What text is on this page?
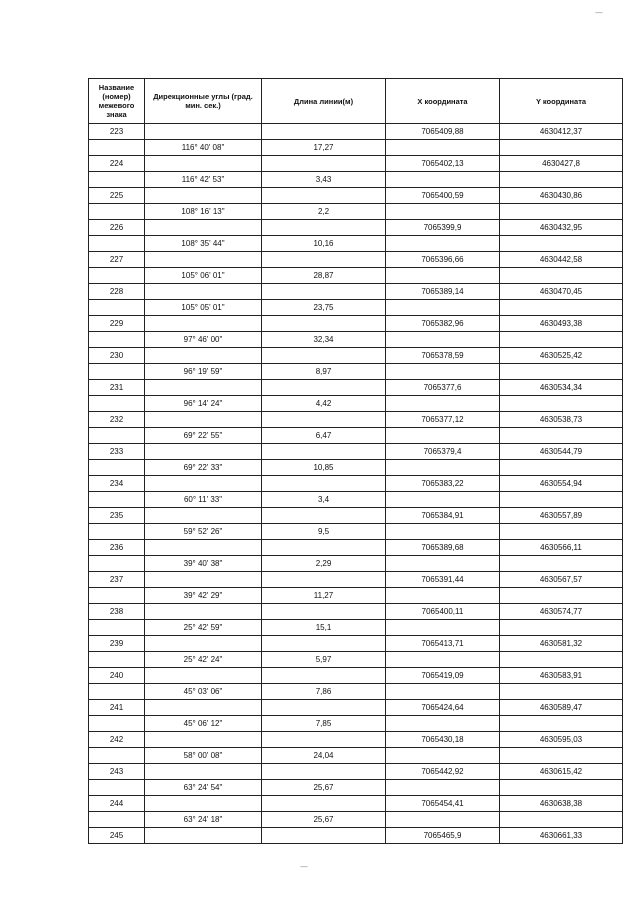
—
—
Название (номер) межевого знака	Дирекционные углы (град. мин. сек.)	Длина линии(м)	X координата	Y координата
223			7065409,88	4630412,37
	116° 40' 08"	17,27		
224			7065402,13	4630427,8
	116° 42' 53"	3,43		
225			7065400,59	4630430,86
	108° 16' 13"	2,2		
226			7065399,9	4630432,95
	108° 35' 44"	10,16		
227			7065396,66	4630442,58
	105° 06' 01"	28,87		
228			7065389,14	4630470,45
	105° 05' 01"	23,75		
229			7065382,96	4630493,38
	97° 46' 00"	32,34		
230			7065378,59	4630525,42
	96° 19' 59"	8,97		
231			7065377,6	4630534,34
	96° 14' 24"	4,42		
232			7065377,12	4630538,73
	69° 22' 55"	6,47		
233			7065379,4	4630544,79
	69° 22' 33"	10,85		
234			7065383,22	4630554,94
	60° 11' 33"	3,4		
235			7065384,91	4630557,89
	59° 52' 26"	9,5		
236			7065389,68	4630566,11
	39° 40' 38"	2,29		
237			7065391,44	4630567,57
	39° 42' 29"	11,27		
238			7065400,11	4630574,77
	25° 42' 59"	15,1		
239			7065413,71	4630581,32
	25° 42' 24"	5,97		
240			7065419,09	4630583,91
	45° 03' 06"	7,86		
241			7065424,64	4630589,47
	45° 06' 12"	7,85		
242			7065430,18	4630595,03
	58° 00' 08"	24,04		
243			7065442,92	4630615,42
	63° 24' 54"	25,67		
244			7065454,41	4630638,38
	63° 24' 18"	25,67		
245			7065465,9	4630661,33
